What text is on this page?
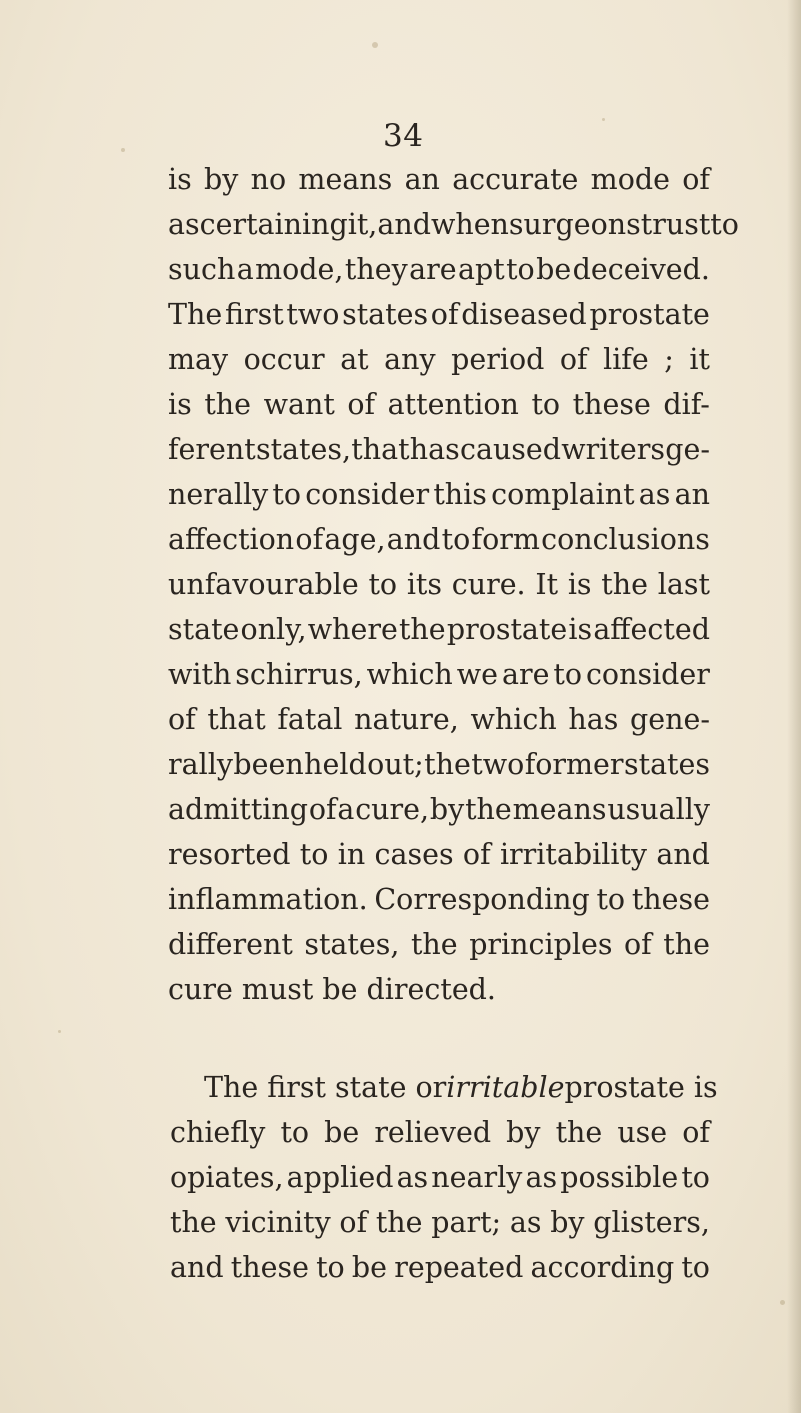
34
is by no means an accurate mode of
ascertaining it, and when surgeons trust to
such a mode, they are apt to be deceived.
The first two states of diseased prostate
may occur at any period of life ; it
is the want of attention to these dif-
ferent states, that has caused writers ge-
nerally to consider this complaint as an
affection of age, and to form conclusions
unfavourable to its cure. It is the last
state only, where the prostate is affected
with schirrus, which we are to consider
of that fatal nature, which has gene-
rally been held out; the two former states
admitting of a cure, by the means usually
resorted to in cases of irritability and
inflammation. Corresponding to these
different states, the principles of the
cure must be directed.
The first state or irritable prostate is
chiefly to be relieved by the use of
opiates, applied as nearly as possible to
the vicinity of the part; as by glisters,
and these to be repeated according to
